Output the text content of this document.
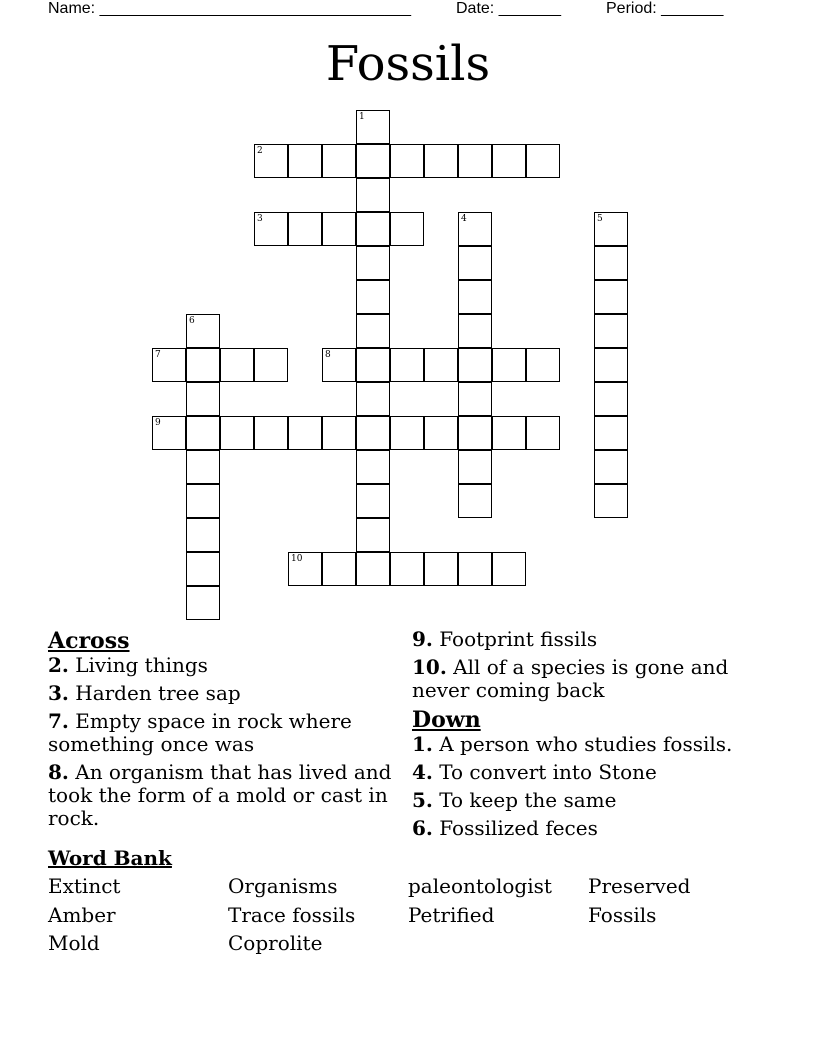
Name: ___________________________________	Date: _______	Period: _______
Fossils
1
2
3	4	5
6
7	8
9
10
Across
2. Living things
3. Harden tree sap
7. Empty space in rock where something once was
8. An organism that has lived and took the form of a mold or cast in rock.
9. Footprint fissils
10. All of a species is gone and never coming back
Down
1. A person who studies fossils.
4. To convert into Stone
5. To keep the same
6. Fossilized feces
Word Bank
Extinct	Organisms	paleontologist	Preserved
Amber	Trace fossils	Petrified	Fossils
Mold	Coprolite
